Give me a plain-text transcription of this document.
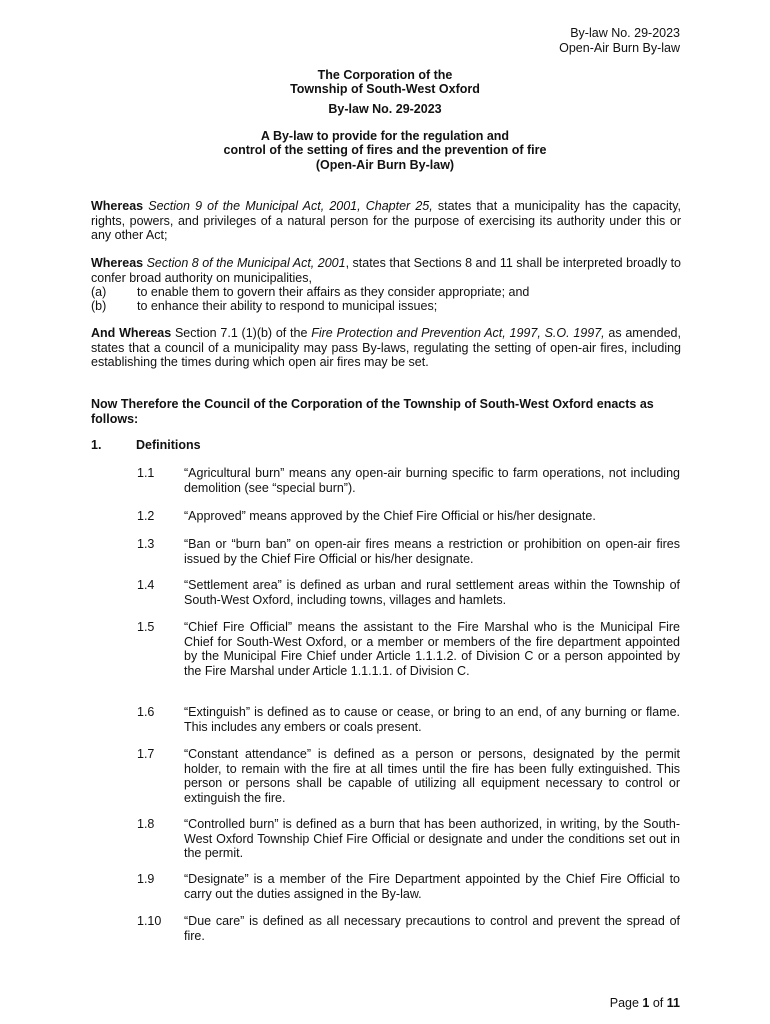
By-law No. 29-2023
Open-Air Burn By-law
The Corporation of the
Township of South-West Oxford
By-law No. 29-2023
A By-law to provide for the regulation and
control of the setting of fires and the prevention of fire
(Open-Air Burn By-law)
Whereas Section 9 of the Municipal Act, 2001, Chapter 25, states that a municipality has the capacity, rights, powers, and privileges of a natural person for the purpose of exercising its authority under this or any other Act;
Whereas Section 8 of the Municipal Act, 2001, states that Sections 8 and 11 shall be interpreted broadly to confer broad authority on municipalities,
(a) to enable them to govern their affairs as they consider appropriate; and
(b) to enhance their ability to respond to municipal issues;
And Whereas Section 7.1 (1)(b) of the Fire Protection and Prevention Act, 1997, S.O. 1997, as amended, states that a council of a municipality may pass By-laws, regulating the setting of open-air fires, including establishing the times during which open air fires may be set.
Now Therefore the Council of the Corporation of the Township of South-West Oxford enacts as follows:
1.	Definitions
1.1 “Agricultural burn” means any open-air burning specific to farm operations, not including demolition (see “special burn”).
1.2 “Approved” means approved by the Chief Fire Official or his/her designate.
1.3 “Ban or “burn ban” on open-air fires means a restriction or prohibition on open-air fires issued by the Chief Fire Official or his/her designate.
1.4 “Settlement area” is defined as urban and rural settlement areas within the Township of South-West Oxford, including towns, villages and hamlets.
1.5 “Chief Fire Official” means the assistant to the Fire Marshal who is the Municipal Fire Chief for South-West Oxford, or a member or members of the fire department appointed by the Municipal Fire Chief under Article 1.1.1.2. of Division C or a person appointed by the Fire Marshal under Article 1.1.1.1. of Division C.
1.6 “Extinguish” is defined as to cause or cease, or bring to an end, of any burning or flame. This includes any embers or coals present.
1.7 “Constant attendance” is defined as a person or persons, designated by the permit holder, to remain with the fire at all times until the fire has been fully extinguished. This person or persons shall be capable of utilizing all equipment necessary to control or extinguish the fire.
1.8 “Controlled burn” is defined as a burn that has been authorized, in writing, by the South-West Oxford Township Chief Fire Official or designate and under the conditions set out in the permit.
1.9 “Designate” is a member of the Fire Department appointed by the Chief Fire Official to carry out the duties assigned in the By-law.
1.10 “Due care” is defined as all necessary precautions to control and prevent the spread of fire.
Page 1 of 11
